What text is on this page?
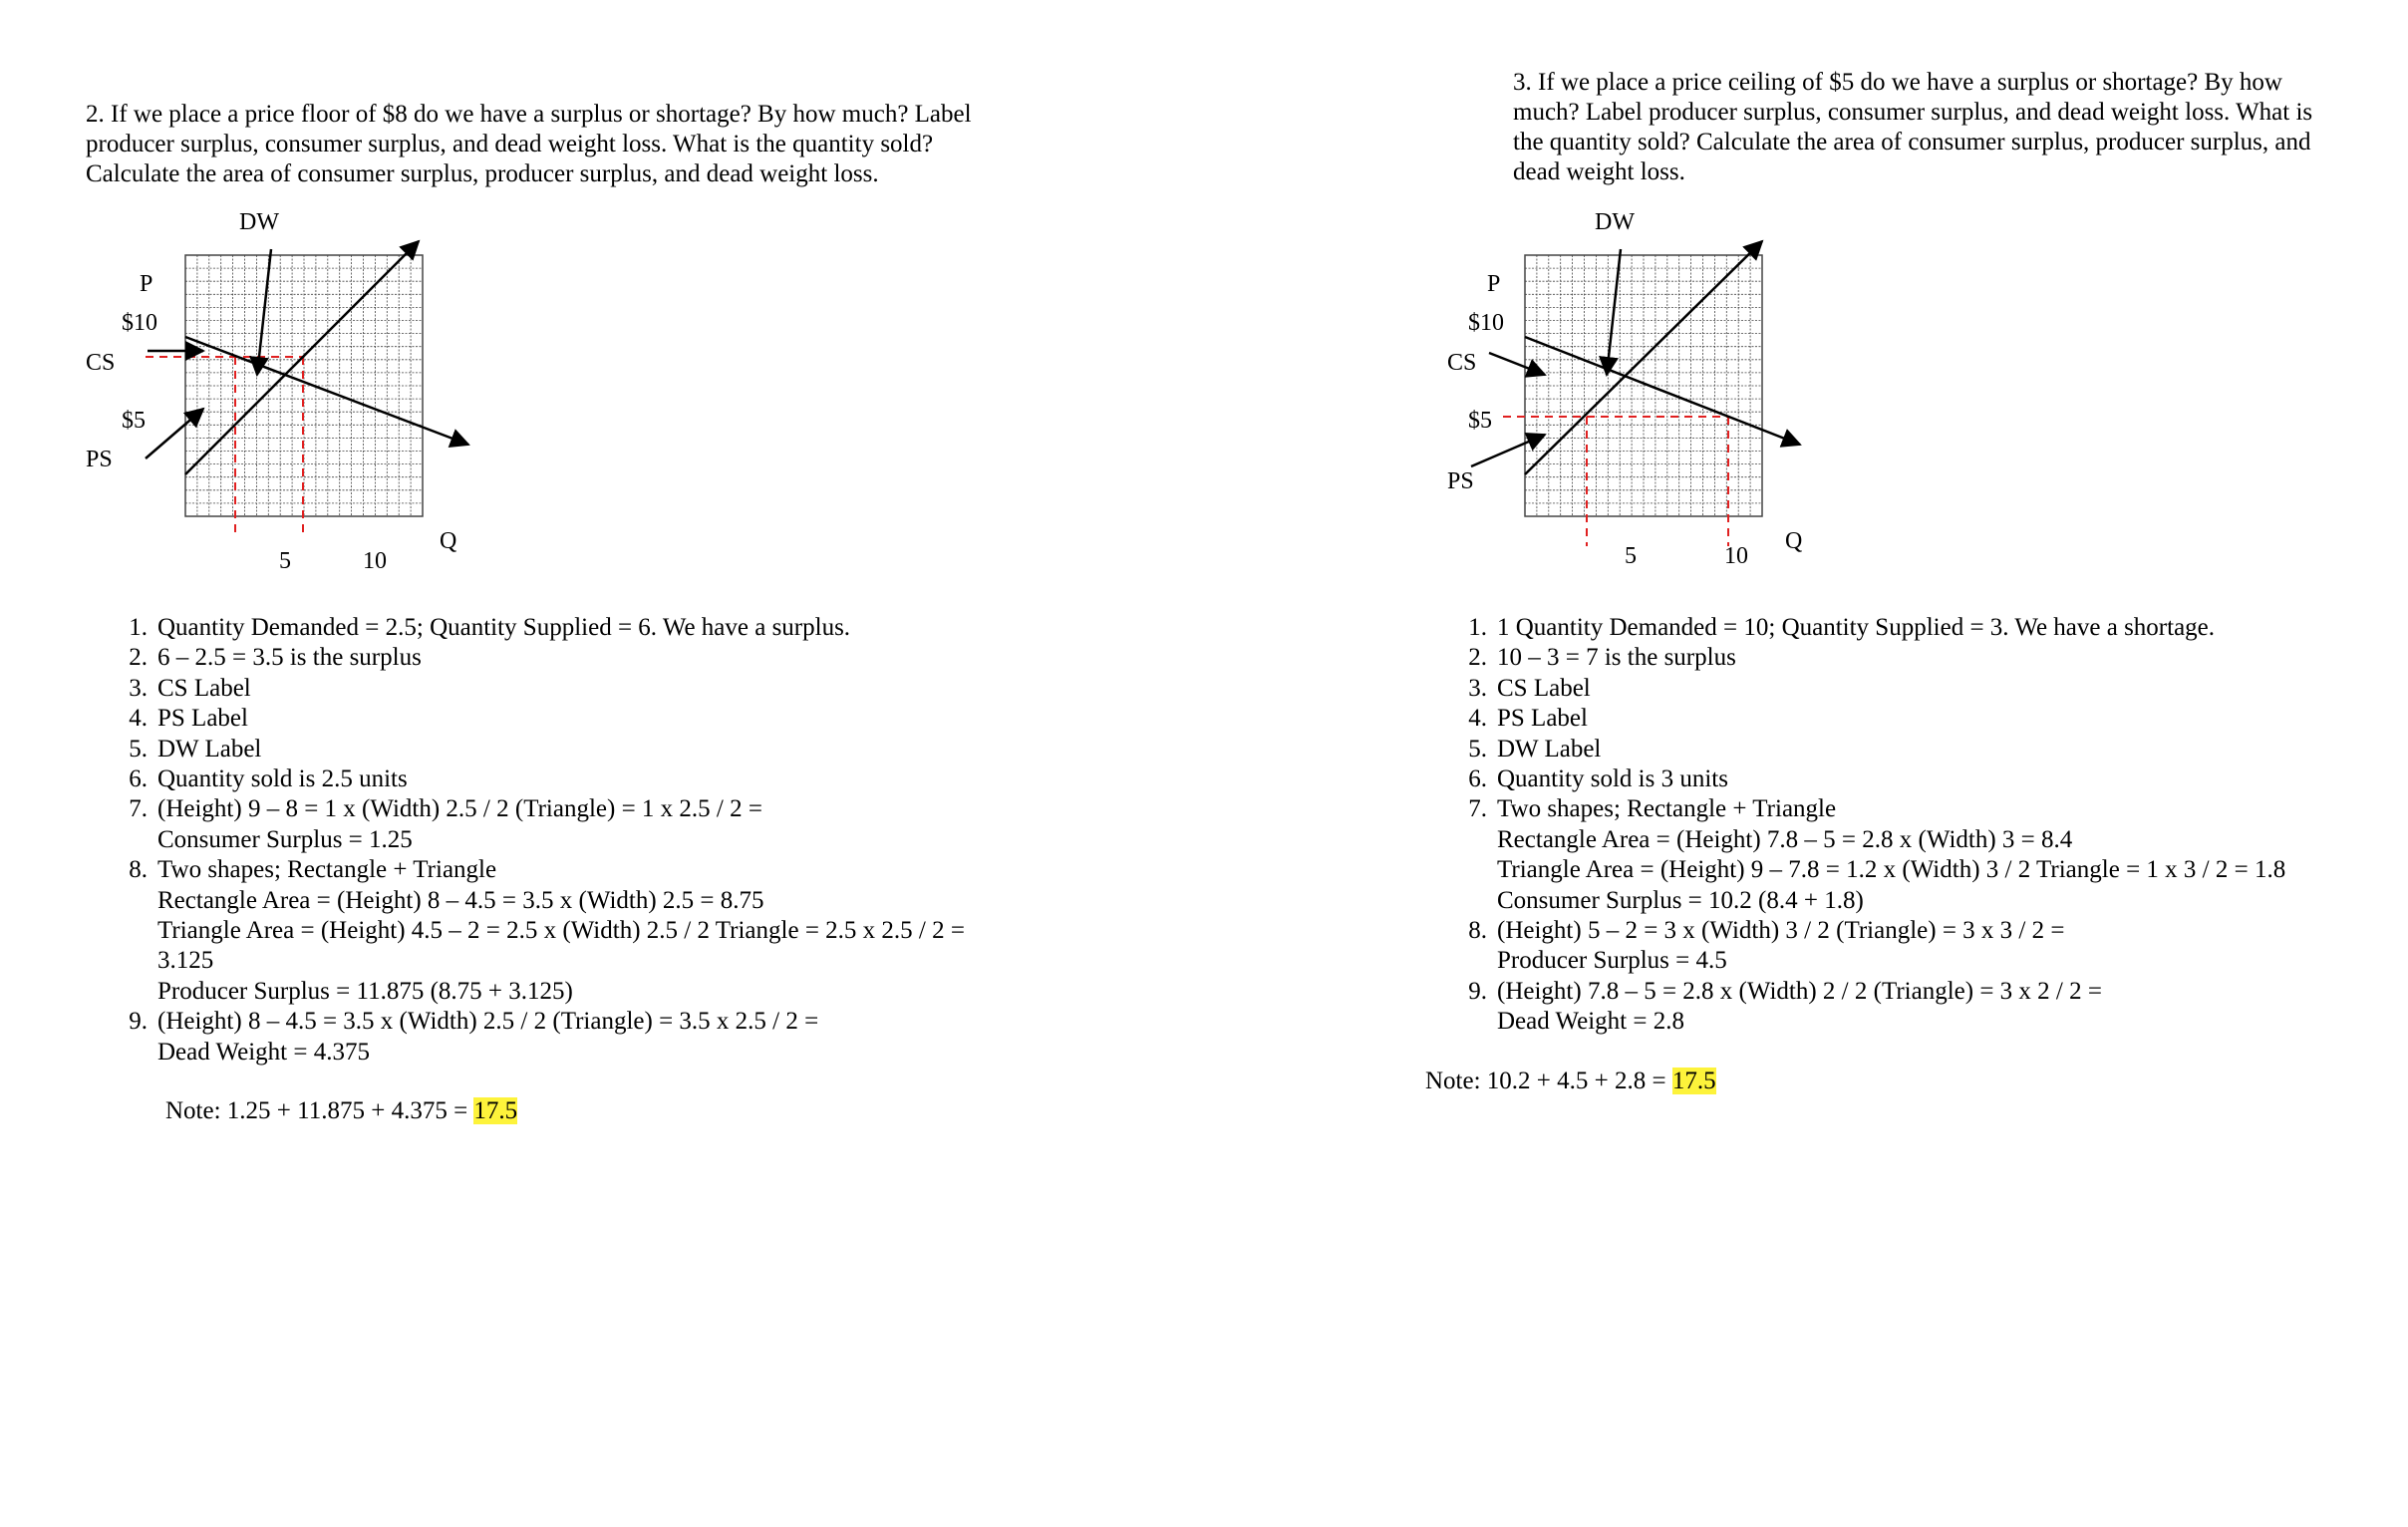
2. If we place a price floor of $8 do we have a surplus or shortage? By how much? Label
producer surplus, consumer surplus, and dead weight loss. What is the quantity sold?
Calculate the area of consumer surplus, producer surplus, and dead weight loss.
DW
P
$10
CS
$5
PS
5	10
Q
1. Quantity Demanded = 2.5; Quantity Supplied = 6. We have a surplus.
2. 6 – 2.5 = 3.5 is the surplus
3. CS Label
4. PS Label
5. DW Label
6. Quantity sold is 2.5 units
7. (Height) 9 – 8 = 1 x (Width) 2.5 / 2 (Triangle) = 1 x 2.5 / 2 =
Consumer Surplus = 1.25
8. Two shapes; Rectangle + Triangle
Rectangle Area = (Height) 8 – 4.5 = 3.5 x (Width) 2.5 = 8.75
Triangle Area = (Height) 4.5 – 2 = 2.5 x (Width) 2.5 / 2 Triangle = 2.5 x 2.5 / 2 =
3.125
Producer Surplus = 11.875 (8.75 + 3.125)
9. (Height) 8 – 4.5 = 3.5 x (Width) 2.5 / 2 (Triangle) = 3.5 x 2.5 / 2 =
Dead Weight = 4.375
Note: 1.25 + 11.875 + 4.375 = 17.5
3. If we place a price ceiling of $5 do we have a surplus or shortage? By how
much? Label producer surplus, consumer surplus, and dead weight loss. What is
the quantity sold? Calculate the area of consumer surplus, producer surplus, and
dead weight loss.
DW
P
$10
CS
$5
PS
5	10
Q
1. 1 Quantity Demanded = 10; Quantity Supplied = 3. We have a shortage.
2. 10 – 3 = 7 is the surplus
3. CS Label
4. PS Label
5. DW Label
6. Quantity sold is 3 units
7. Two shapes; Rectangle + Triangle
Rectangle Area = (Height) 7.8 – 5 = 2.8 x (Width) 3 = 8.4
Triangle Area = (Height) 9 – 7.8 = 1.2 x (Width) 3 / 2 Triangle = 1 x 3 / 2 = 1.8
Consumer Surplus = 10.2 (8.4 + 1.8)
8. (Height) 5 – 2 = 3 x (Width) 3 / 2 (Triangle) = 3 x 3 / 2 =
Producer Surplus = 4.5
9. (Height) 7.8 – 5 = 2.8 x (Width) 2 / 2 (Triangle) = 3 x 2 / 2 =
Dead Weight = 2.8
Note: 10.2 + 4.5 + 2.8 = 17.5
